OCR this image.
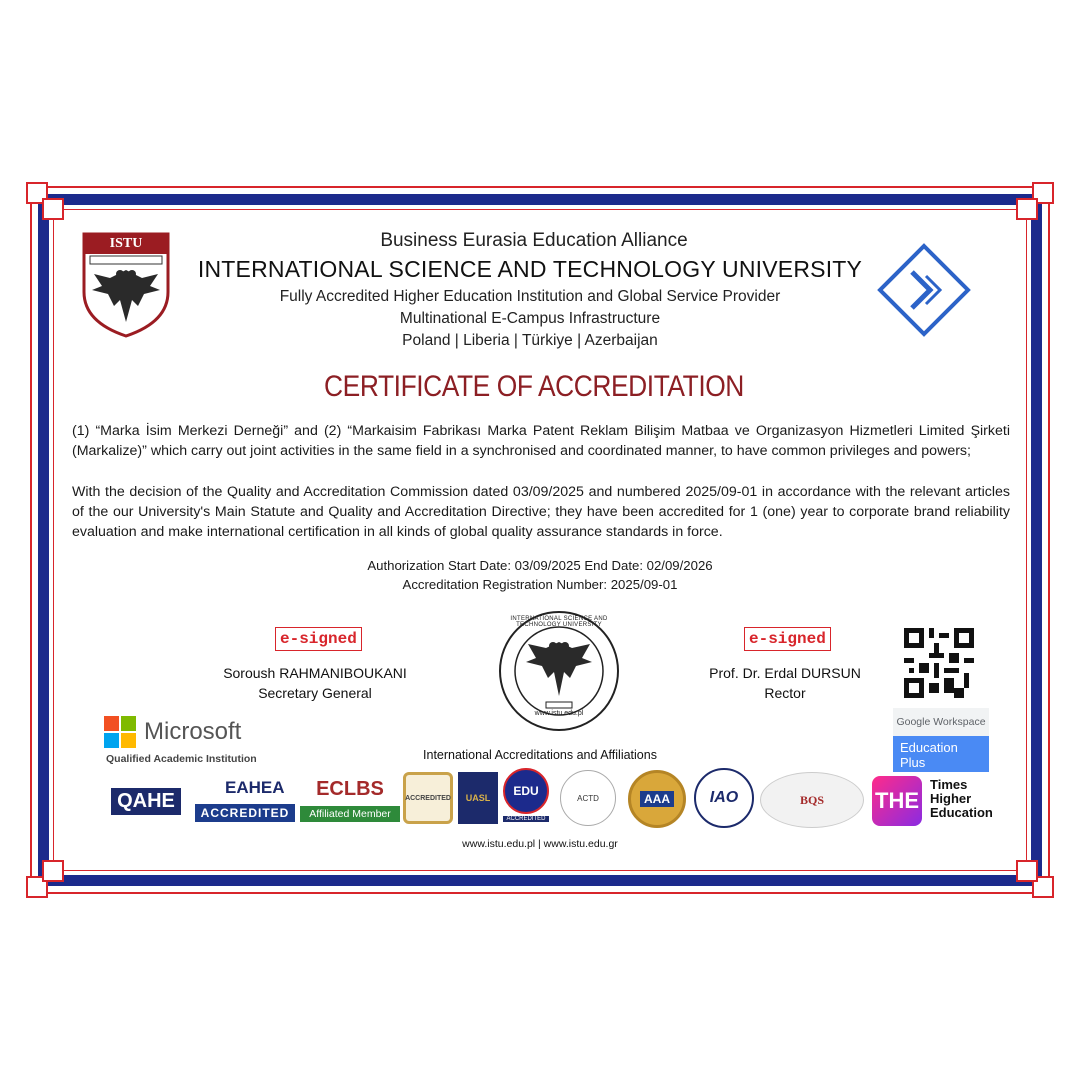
ISTU	Business Eurasia Education Alliance
INTERNATIONAL SCIENCE AND TECHNOLOGY UNIVERSITY
Fully Accredited Higher Education Institution and Global Service Provider
Multinational E-Campus Infrastructure
Poland | Liberia | Türkiye | Azerbaijan
CERTIFICATE OF ACCREDITATION
(1) “Marka İsim Merkezi Derneği” and (2) “Markaisim Fabrikası Marka Patent Reklam Bilişim Matbaa ve Organizasyon Hizmetleri Limited Şirketi (Markalize)” which carry out joint activities in the same field in a synchronised and coordinated manner, to have common privileges and powers;
With the decision of the Quality and Accreditation Commission dated 03/09/2025 and numbered 2025/09-01 in accordance with the relevant articles of the our University's Main Statute and Quality and Accreditation Directive; they have been accredited for 1 (one) year to corporate brand reliability evaluation and make international certification in all kinds of global quality assurance standards in force.
Authorization Start Date: 03/09/2025 End Date: 02/09/2026
Accreditation Registration Number: 2025/09-01
e-signed
Soroush RAHMANIBOUKANI
Secretary General
INTERNATIONAL SCIENCE AND TECHNOLOGY UNIVERSITY
www.istu.edu.pl
e-signed
Prof. Dr. Erdal DURSUN
Rector
Microsoft
Qualified Academic Institution
Google Workspace
Education
Plus
International Accreditations and Affiliations
QAHE
EAHEA
ACCREDITED
ECLBS
Affiliated Member
ACCREDITED UASL	EDU
ACCREDITED
ACTD	AAA IAO	BQS THE
Times
Higher
Education
www.istu.edu.pl | www.istu.edu.gr
